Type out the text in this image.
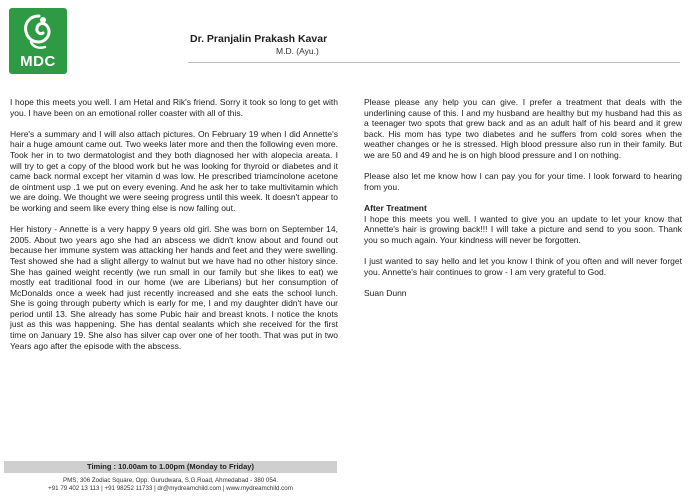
MDC
Dr. Pranjalin Prakash Kavar
M.D. (Ayu.)

I hope this meets you well. I am Hetal and Rik's friend. Sorry it took so long to get with you. I have been on an emotional roller coaster with all of this.

Here's a summary and I will also attach pictures. On February 19 when I did Annette's hair a huge amount came out. Two weeks later more and then the following even more. Took her in to two dermatologist and they both diagnosed her with alopecia areata. I will try to get a copy of the blood work but he was looking for thyroid or diabetes and it came back normal except her vitamin d was low. He prescribed triamcinolone acetone de ointment usp .1 we put on every evening. And he ask her to take multivitamin which we are doing. We thought we were seeing progress until this week. It doesn't appear to be working and seem like every thing else is now falling out.

Her history - Annette is a very happy 9 years old girl. She was born on September 14, 2005. About two years ago she had an abscess we didn't know about and found out because her immune system was attacking her hands and feet and they were swelling. Test showed she had a slight allergy to walnut but we have had no other history since. She has gained weight recently (we run small in our family but she likes to eat) we mostly eat traditional food in our home (we are Liberians) but her consumption of McDonalds once a week had just recently increased and she eats the school lunch. She is going through puberty which is early for me, I and my daughter didn't have our period until 13. She already has some Pubic hair and breast knots. I notice the knots just as this was happening. She has dental sealants which she received for the first time on January 19. She also has silver cap over one of her tooth. That was put in two Years ago after the episode with the abscess.

Please please any help you can give. I prefer a treatment that deals with the underlining cause of this. I and my husband are healthy but my husband had this as a teenager two spots that grew back and as an adult half of his beard and it grew back. His mom has type two diabetes and he suffers from cold sores when the weather changes or he is stressed. High blood pressure also run in their family. But we are 50 and 49 and he is on high blood pressure and I on nothing.

Please also let me know how I can pay you for your time. I look forward to hearing from you.

After Treatment

I hope this meets you well. I wanted to give you an update to let your know that Annette's hair is growing back!!! I will take a picture and send to you soon. Thank you so much again. Your kindness will never be forgotten.

I just wanted to say hello and let you know I think of you often and will never forget you. Annette's hair continues to grow - I am very grateful to God.

Suan Dunn

Timing : 10.00am to 1.00pm (Monday to Friday)
PMS, 306 Zodiac Square, Opp. Gurudwara, S.G.Road, Ahmedabad - 380 054.
+91 79 402 13 113 | +91 98252 11733 | dr@mydreamchild.com | www.mydreamchild.com
